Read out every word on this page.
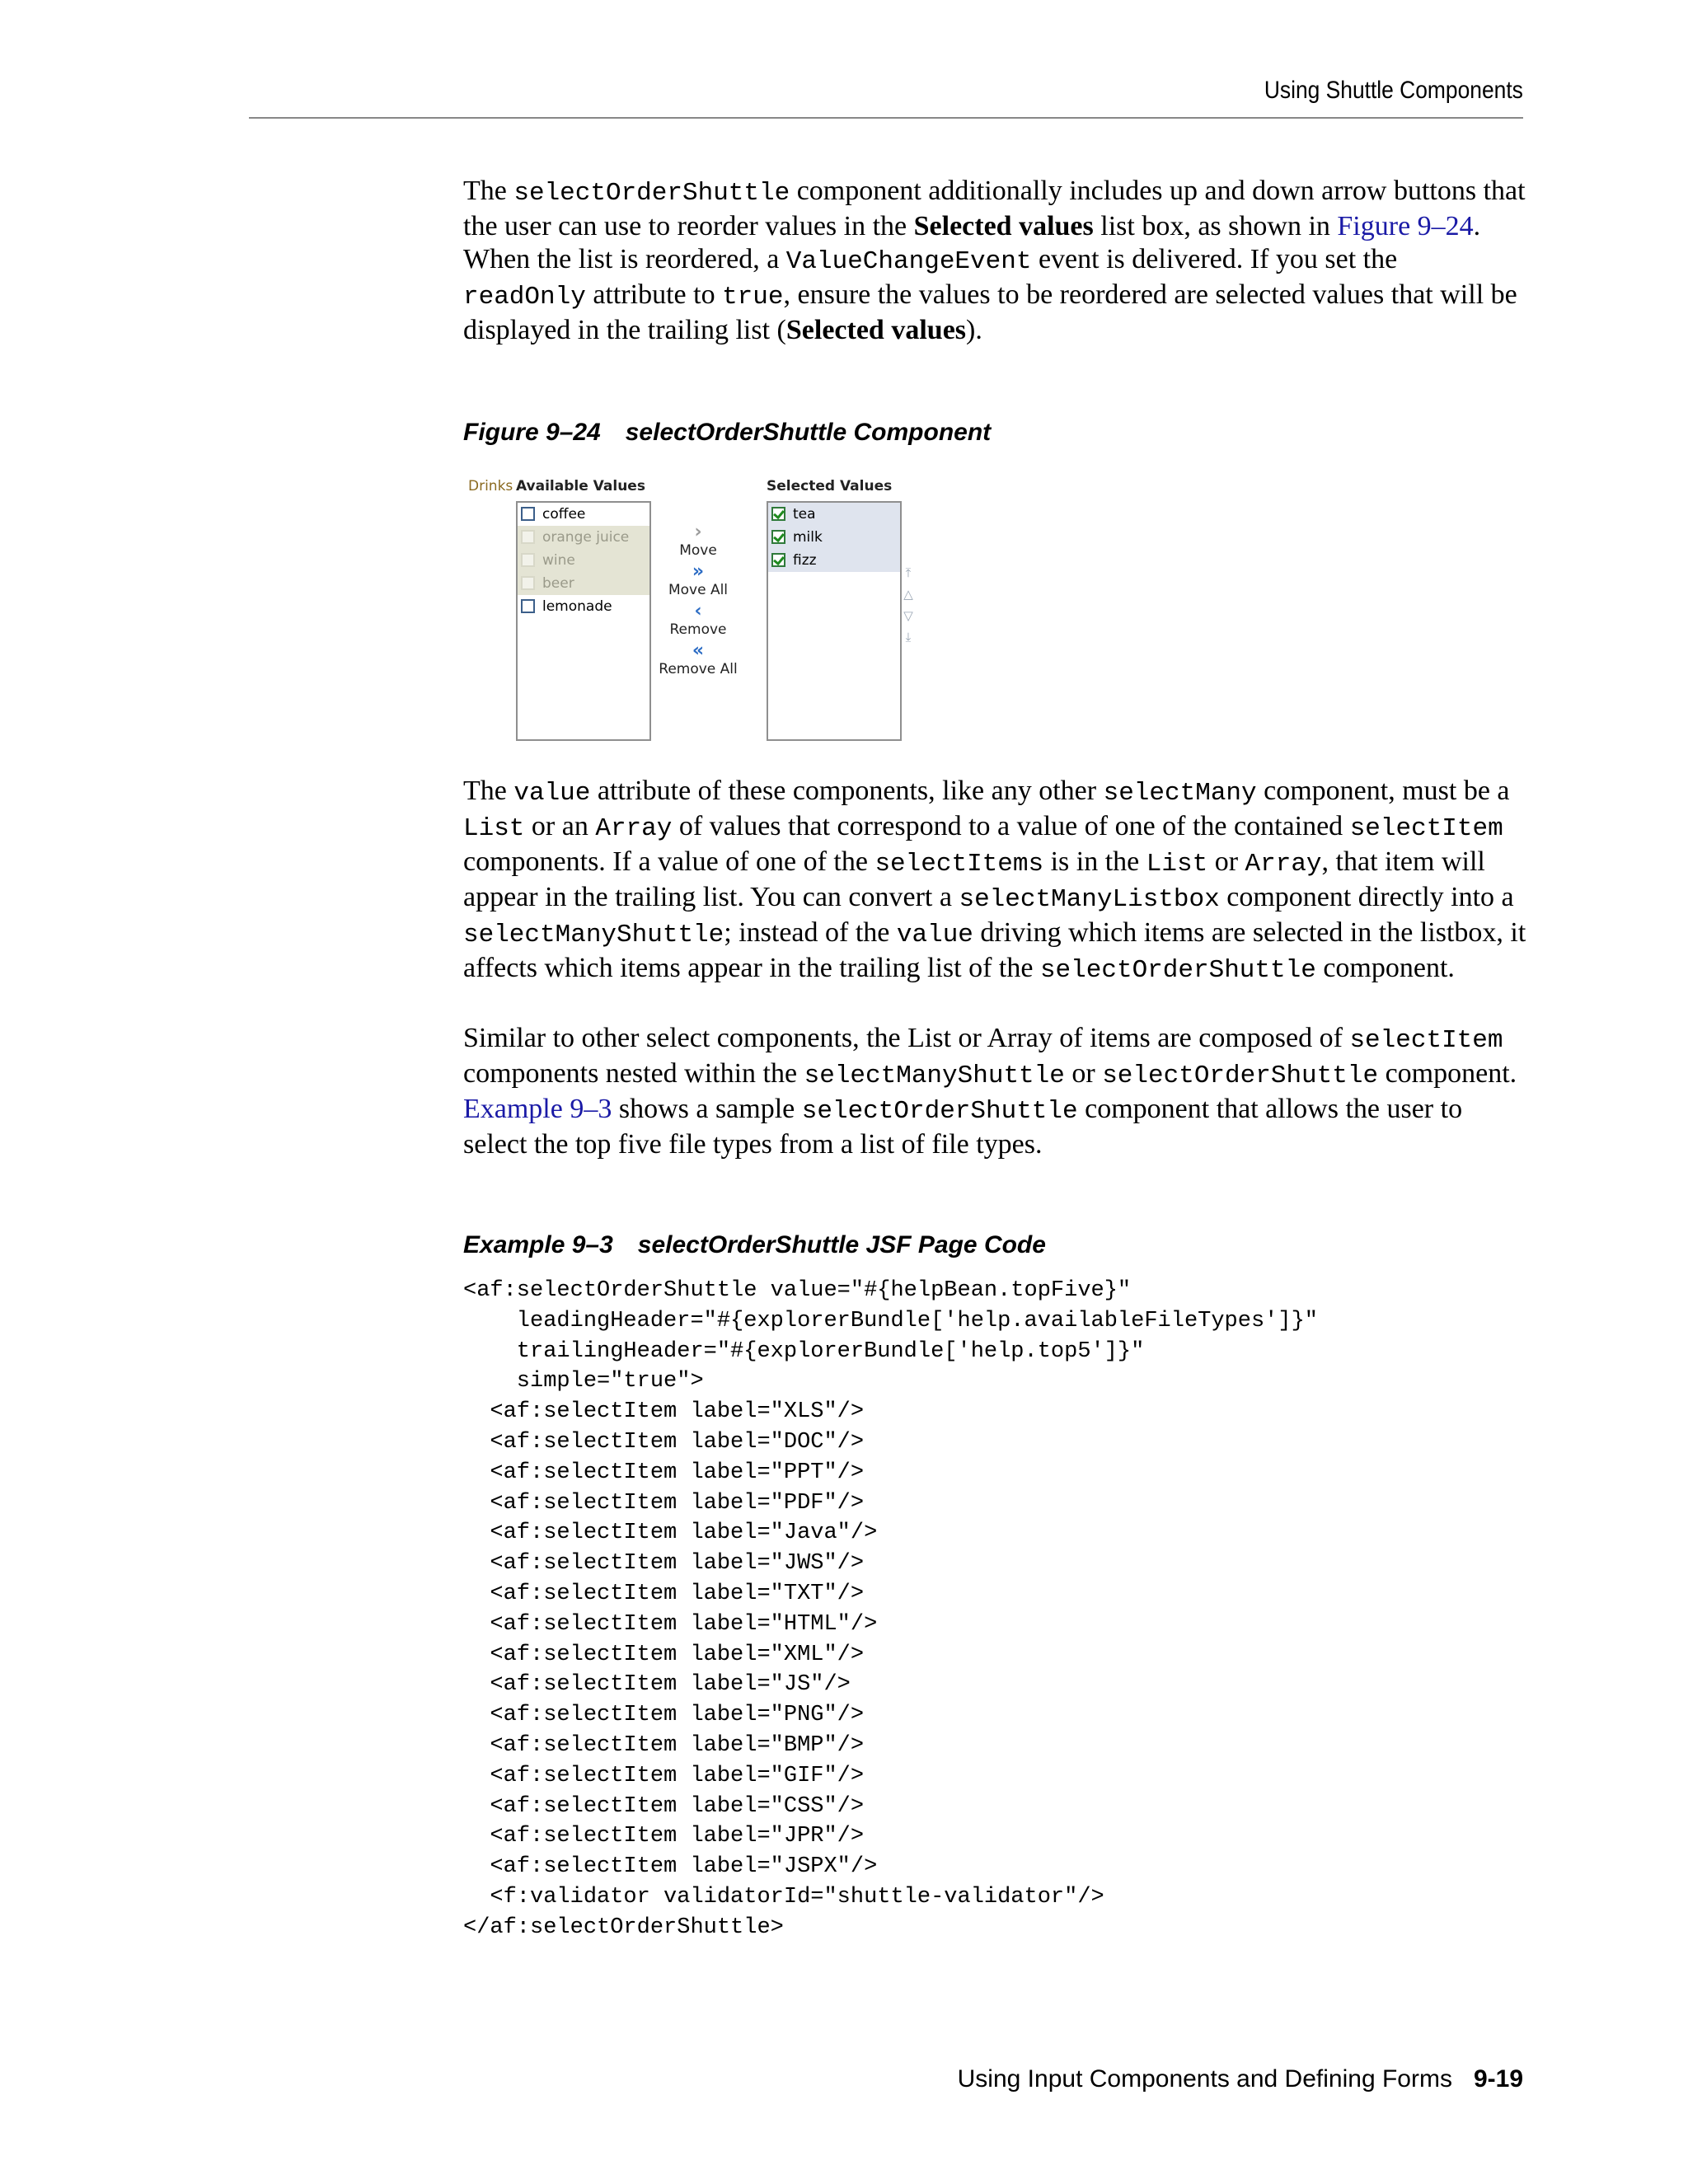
Using Shuttle Components

The selectOrderShuttle component additionally includes up and down arrow buttons that the user can use to reorder values in the Selected values list box, as shown in Figure 9–24. When the list is reordered, a ValueChangeEvent event is delivered. If you set the readOnly attribute to true, ensure the values to be reordered are selected values that will be displayed in the trailing list (Selected values).

Figure 9–24 selectOrderShuttle Component

Drinks Available Values	Selected Values
coffee
orange juice
wine
beer
lemonade
›
Move
»
Move All
‹
Remove
«
Remove All
tea
milk
fizz
⤒
△
▽
⤓

The value attribute of these components, like any other selectMany component, must be a List or an Array of values that correspond to a value of one of the contained selectItem components. If a value of one of the selectItems is in the List or Array, that item will appear in the trailing list. You can convert a selectManyListbox component directly into a selectManyShuttle; instead of the value driving which items are selected in the listbox, it affects which items appear in the trailing list of the selectOrderShuttle component.

Similar to other select components, the List or Array of items are composed of selectItem components nested within the selectManyShuttle or selectOrderShuttle component. Example 9–3 shows a sample selectOrderShuttle component that allows the user to select the top five file types from a list of file types.

Example 9–3 selectOrderShuttle JSF Page Code

<af:selectOrderShuttle value="#{helpBean.topFive}"
leadingHeader="#{explorerBundle['help.availableFileTypes']}"
trailingHeader="#{explorerBundle['help.top5']}"
simple="true">
<af:selectItem label="XLS"/>
<af:selectItem label="DOC"/>
<af:selectItem label="PPT"/>
<af:selectItem label="PDF"/>
<af:selectItem label="Java"/>
<af:selectItem label="JWS"/>
<af:selectItem label="TXT"/>
<af:selectItem label="HTML"/>
<af:selectItem label="XML"/>
<af:selectItem label="JS"/>
<af:selectItem label="PNG"/>
<af:selectItem label="BMP"/>
<af:selectItem label="GIF"/>
<af:selectItem label="CSS"/>
<af:selectItem label="JPR"/>
<af:selectItem label="JSPX"/>
<f:validator validatorId="shuttle-validator"/>
</af:selectOrderShuttle>
Using Input Components and Defining Forms 9-19
